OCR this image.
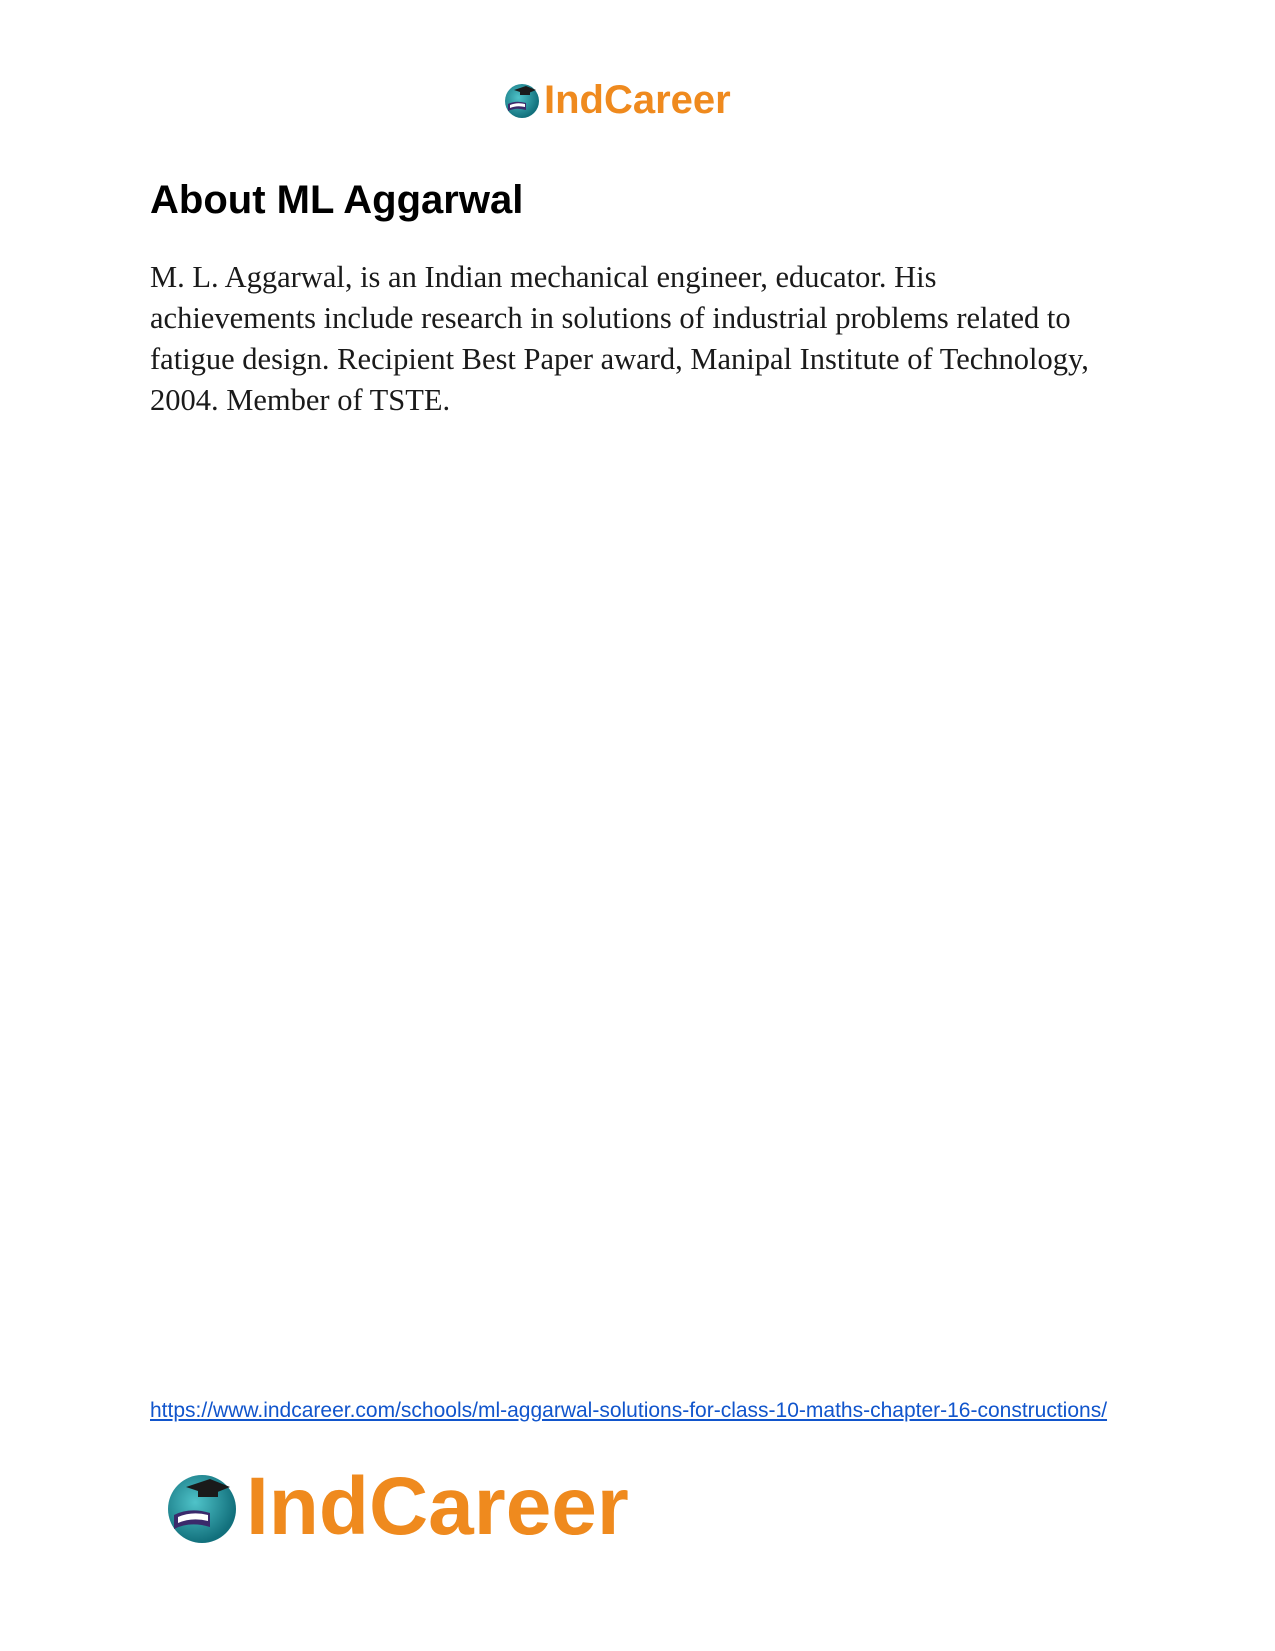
IndCareer
About ML Aggarwal

M. L. Aggarwal, is an Indian mechanical engineer, educator. His achievements include research in solutions of industrial problems related to fatigue design. Recipient Best Paper award, Manipal Institute of Technology, 2004. Member of TSTE.

https://www.indcareer.com/schools/ml-aggarwal-solutions-for-class-10-maths-chapter-16-constructions/
IndCareer
